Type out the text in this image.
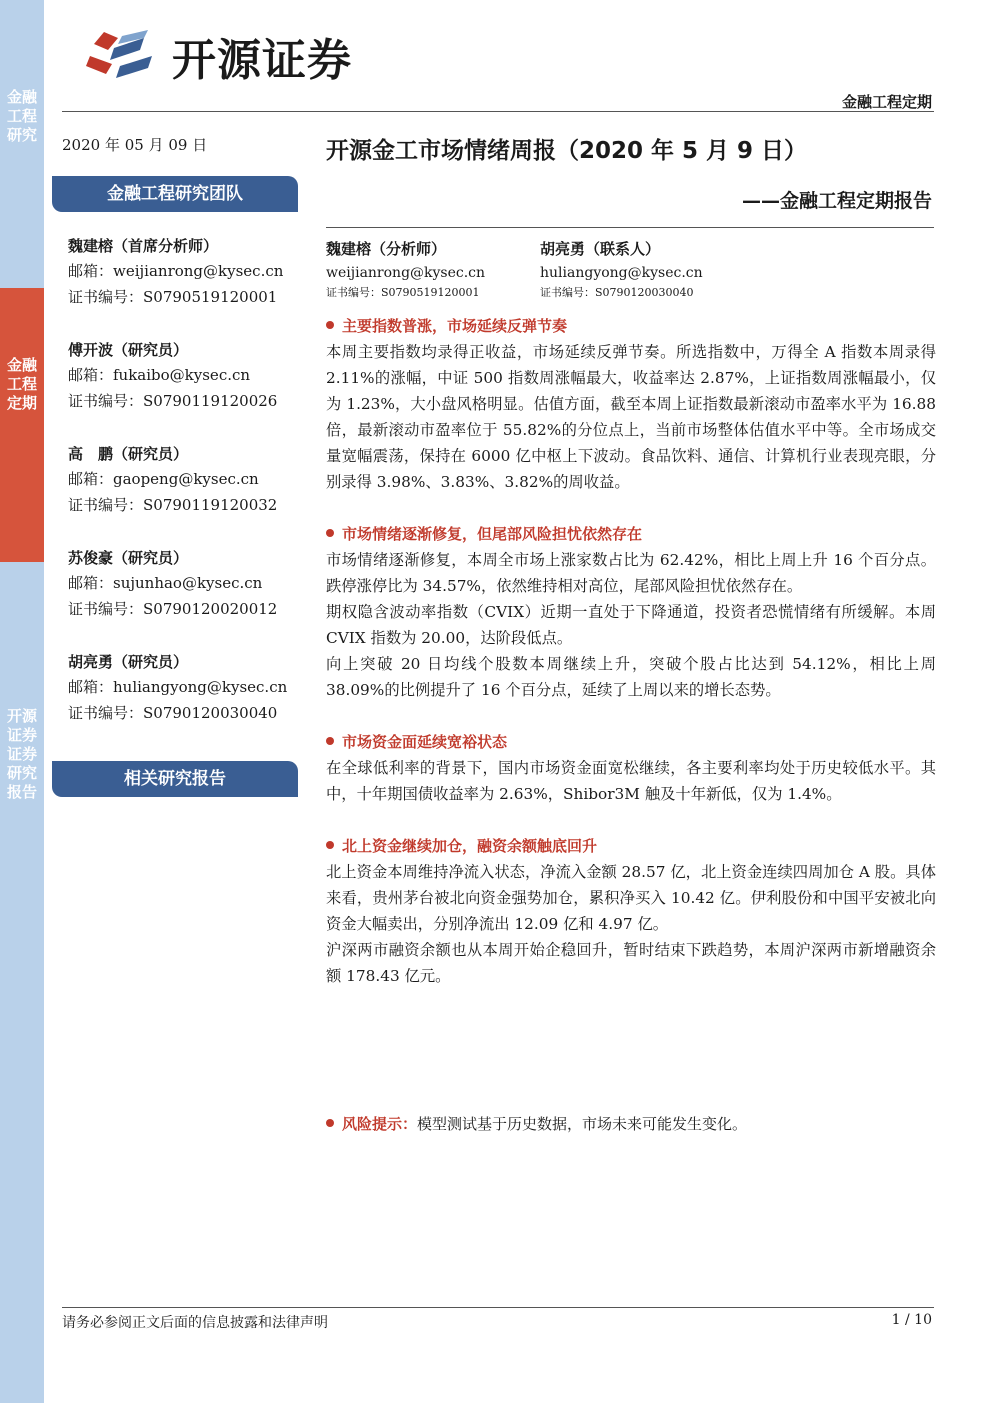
金融工程研究
金融工程定期
开源证券 证券研究报告
开源证券
金融工程定期
2020 年 05 月 09 日
金融工程研究团队
魏建榕（首席分析师）
邮箱：weijianrong@kysec.cn
证书编号：S0790519120001
傅开波（研究员）
邮箱：fukaibo@kysec.cn
证书编号：S0790119120026
高　鹏（研究员）
邮箱：gaopeng@kysec.cn
证书编号：S0790119120032
苏俊豪（研究员）
邮箱：sujunhao@kysec.cn
证书编号：S0790120020012
胡亮勇（研究员）
邮箱：huliangyong@kysec.cn
证书编号：S0790120030040
相关研究报告
开源金工市场情绪周报（2020 年 5 月 9 日）
——金融工程定期报告
魏建榕（分析师）
weijianrong@kysec.cn
证书编号：S0790519120001
胡亮勇（联系人）
huliangyong@kysec.cn
证书编号：S0790120030040
主要指数普涨，市场延续反弹节奏
本周主要指数均录得正收益，市场延续反弹节奏。所选指数中，万得全 A 指数本周录得 2.11%的涨幅，中证 500 指数周涨幅最大，收益率达 2.87%，上证指数周涨幅最小，仅为 1.23%，大小盘风格明显。估值方面，截至本周上证指数最新滚动市盈率水平为 16.88 倍，最新滚动市盈率位于 55.82%的分位点上，当前市场整体估值水平中等。全市场成交量宽幅震荡，保持在 6000 亿中枢上下波动。食品饮料、通信、计算机行业表现亮眼，分别录得 3.98%、3.83%、3.82%的周收益。
市场情绪逐渐修复，但尾部风险担忧依然存在
市场情绪逐渐修复，本周全市场上涨家数占比为 62.42%，相比上周上升 16 个百分点。跌停涨停比为 34.57%，依然维持相对高位，尾部风险担忧依然存在。
期权隐含波动率指数（CVIX）近期一直处于下降通道，投资者恐慌情绪有所缓解。本周 CVIX 指数为 20.00，达阶段低点。
向上突破 20 日均线个股数本周继续上升，突破个股占比达到 54.12%，相比上周 38.09%的比例提升了 16 个百分点，延续了上周以来的增长态势。
市场资金面延续宽裕状态
在全球低利率的背景下，国内市场资金面宽松继续，各主要利率均处于历史较低水平。其中，十年期国债收益率为 2.63%，Shibor3M 触及十年新低，仅为 1.4%。
北上资金继续加仓，融资余额触底回升
北上资金本周维持净流入状态，净流入金额 28.57 亿，北上资金连续四周加仓 A 股。具体来看，贵州茅台被北向资金强势加仓，累积净买入 10.42 亿。伊利股份和中国平安被北向资金大幅卖出，分别净流出 12.09 亿和 4.97 亿。
沪深两市融资余额也从本周开始企稳回升，暂时结束下跌趋势，本周沪深两市新增融资余额 178.43 亿元。
风险提示：模型测试基于历史数据，市场未来可能发生变化。
请务必参阅正文后面的信息披露和法律声明	1 / 10
